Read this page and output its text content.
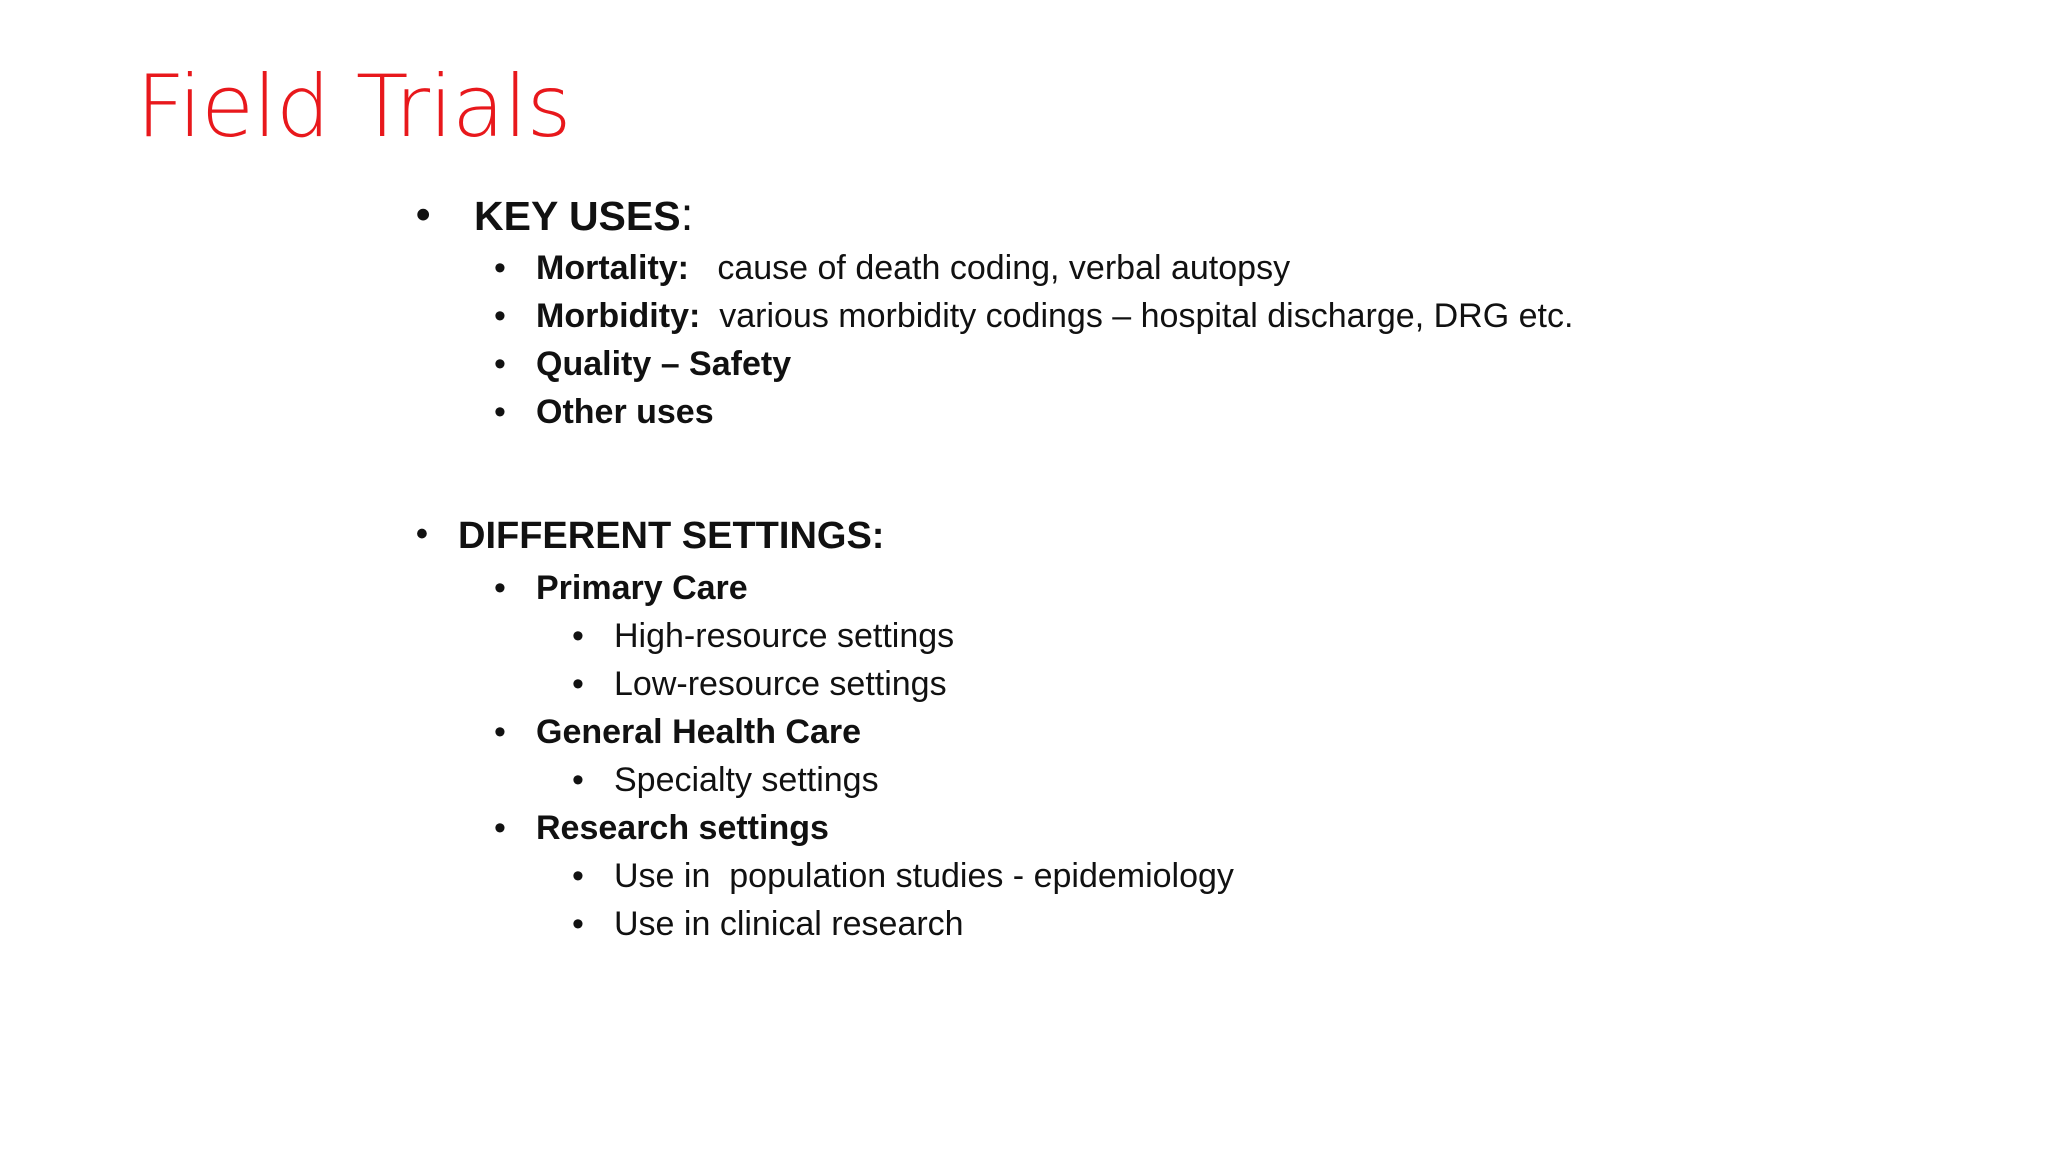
Field Trials
• KEY USES:
• Mortality: cause of death coding, verbal autopsy
• Morbidity: various morbidity codings – hospital discharge, DRG etc.
• Quality – Safety
• Other uses
• DIFFERENT SETTINGS:
• Primary Care
• High-resource settings
• Low-resource settings
• General Health Care
• Specialty settings
• Research settings
• Use in  population studies - epidemiology
• Use in clinical research
